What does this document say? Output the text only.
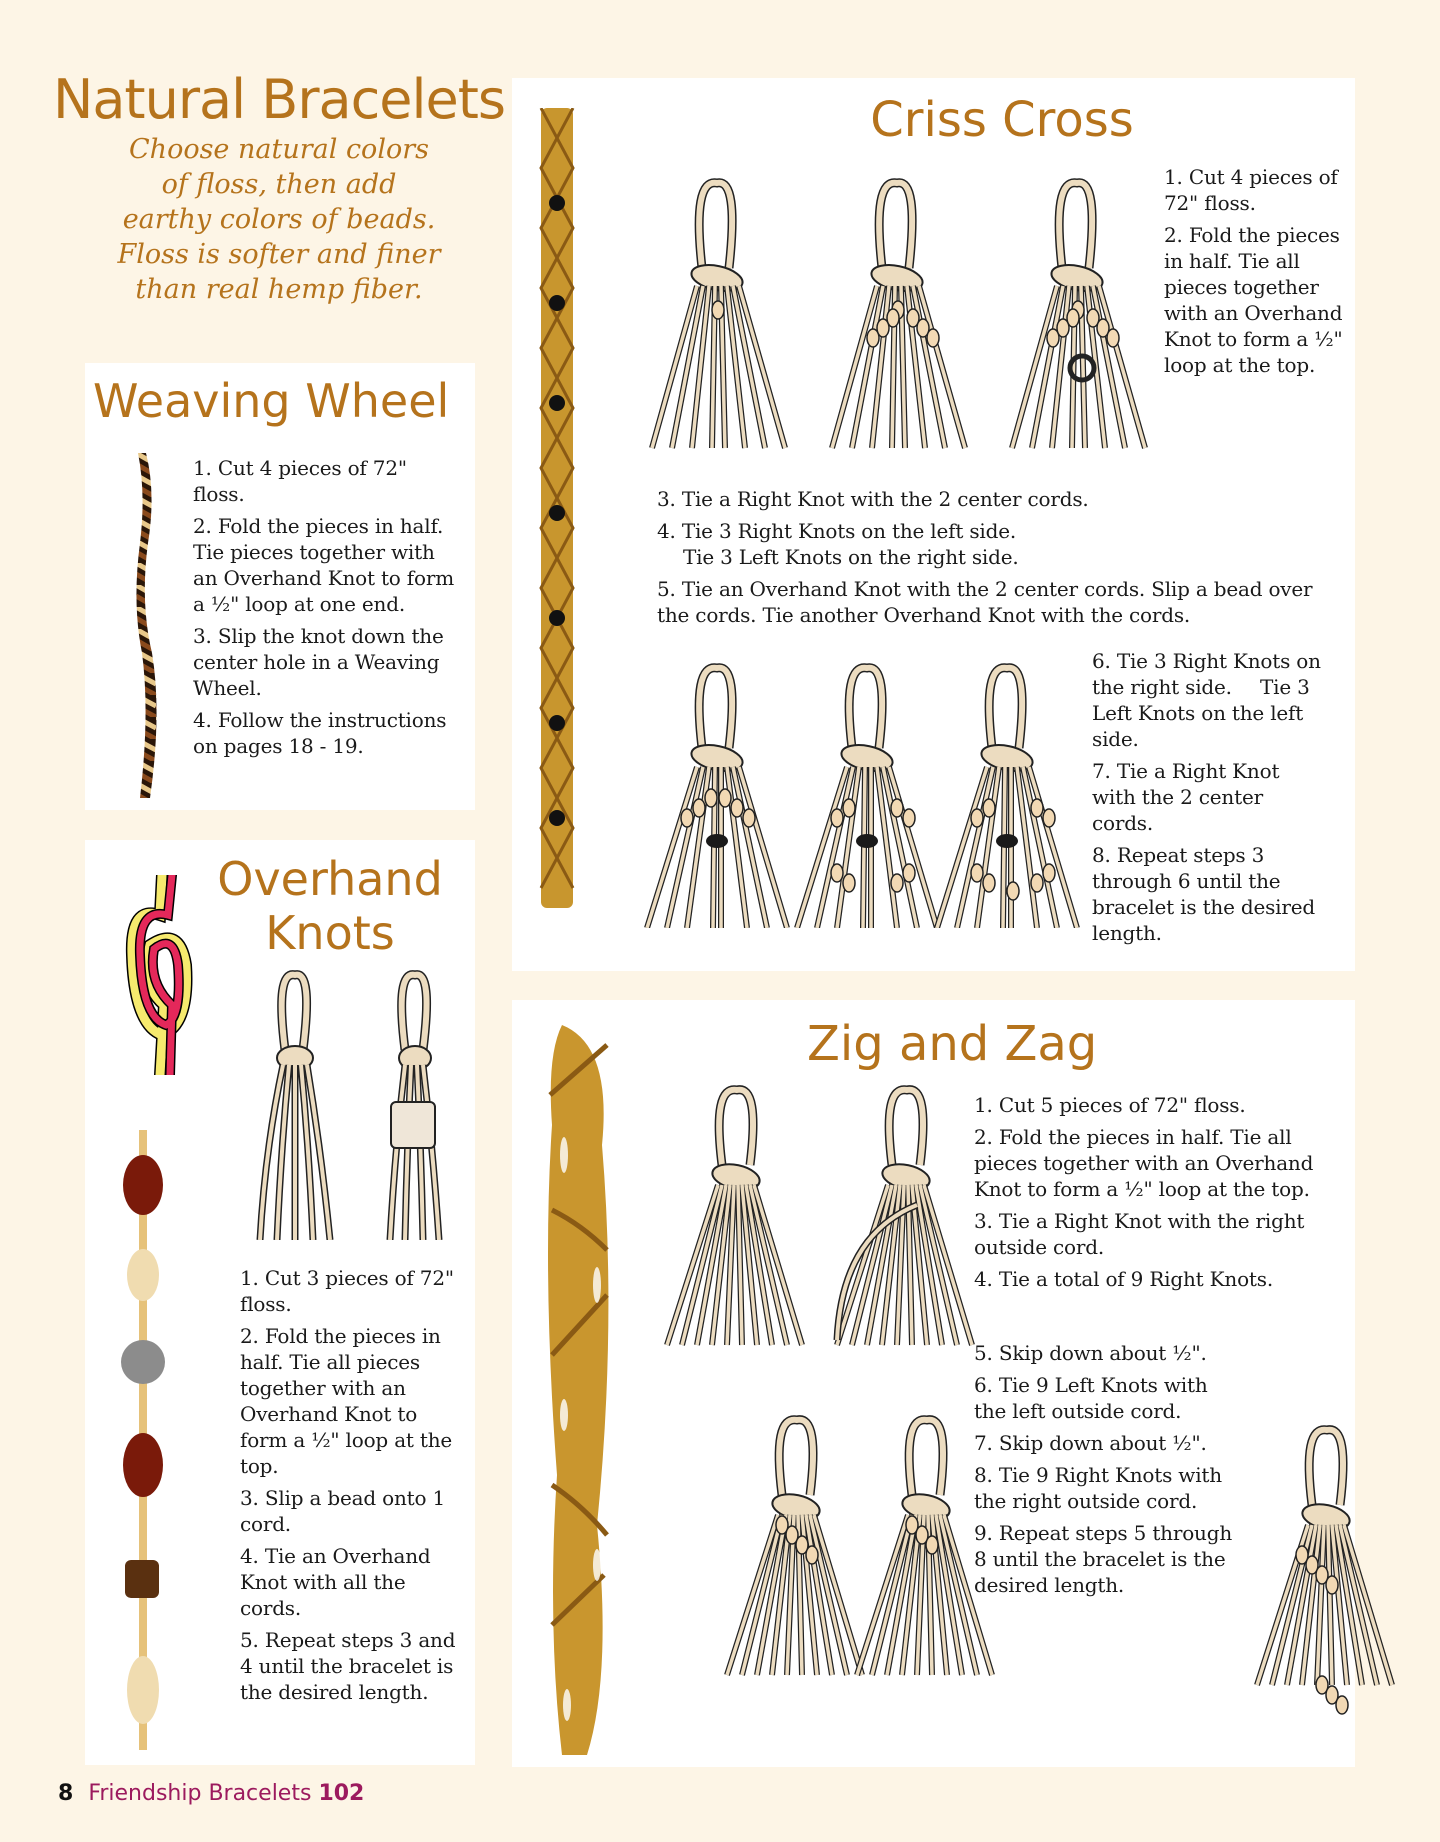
Natural Bracelets
Choose natural colors
of floss, then add
earthy colors of beads.
Floss is softer and finer
than real hemp fiber.
Weaving Wheel

1. Cut 4 pieces of 72" floss.

2. Fold the pieces in half. Tie pieces together with an Overhand Knot to form a ½" loop at one end.

3. Slip the knot down the center hole in a Weaving Wheel.

4. Follow the instructions on pages 18 - 19.

Overhand
Knots

1. Cut 3 pieces of 72" floss.

2. Fold the pieces in half. Tie all pieces together with an Overhand Knot to form a ½" loop at the top.

3. Slip a bead onto 1 cord.

4. Tie an Overhand Knot with all the cords.

5. Repeat steps 3 and 4 until the bracelet is the desired length.

Criss Cross

1. Cut 4 pieces of 72" floss.

2. Fold the pieces in half. Tie all pieces together with an Overhand Knot to form a ½" loop at the top.

3. Tie a Right Knot with the 2 center cords.

4. Tie 3 Right Knots on the left side.
Tie 3 Left Knots on the right side.

5. Tie an Overhand Knot with the 2 center cords. Slip a bead over the cords. Tie another Overhand Knot with the cords.

6. Tie 3 Right Knots on the right side. Tie 3 Left Knots on the left side.

7. Tie a Right Knot with the 2 center cords.

8. Repeat steps 3 through 6 until the bracelet is the desired length.

Zig and Zag

1. Cut 5 pieces of 72" floss.

2. Fold the pieces in half. Tie all pieces together with an Overhand Knot to form a ½" loop at the top.

3. Tie a Right Knot with the right outside cord.

4. Tie a total of 9 Right Knots.

5. Skip down about ½".

6. Tie 9 Left Knots with the left outside cord.

7. Skip down about ½".

8. Tie 9 Right Knots with the right outside cord.

9. Repeat steps 5 through 8 until the bracelet is the desired length.

8 Friendship Bracelets 102
